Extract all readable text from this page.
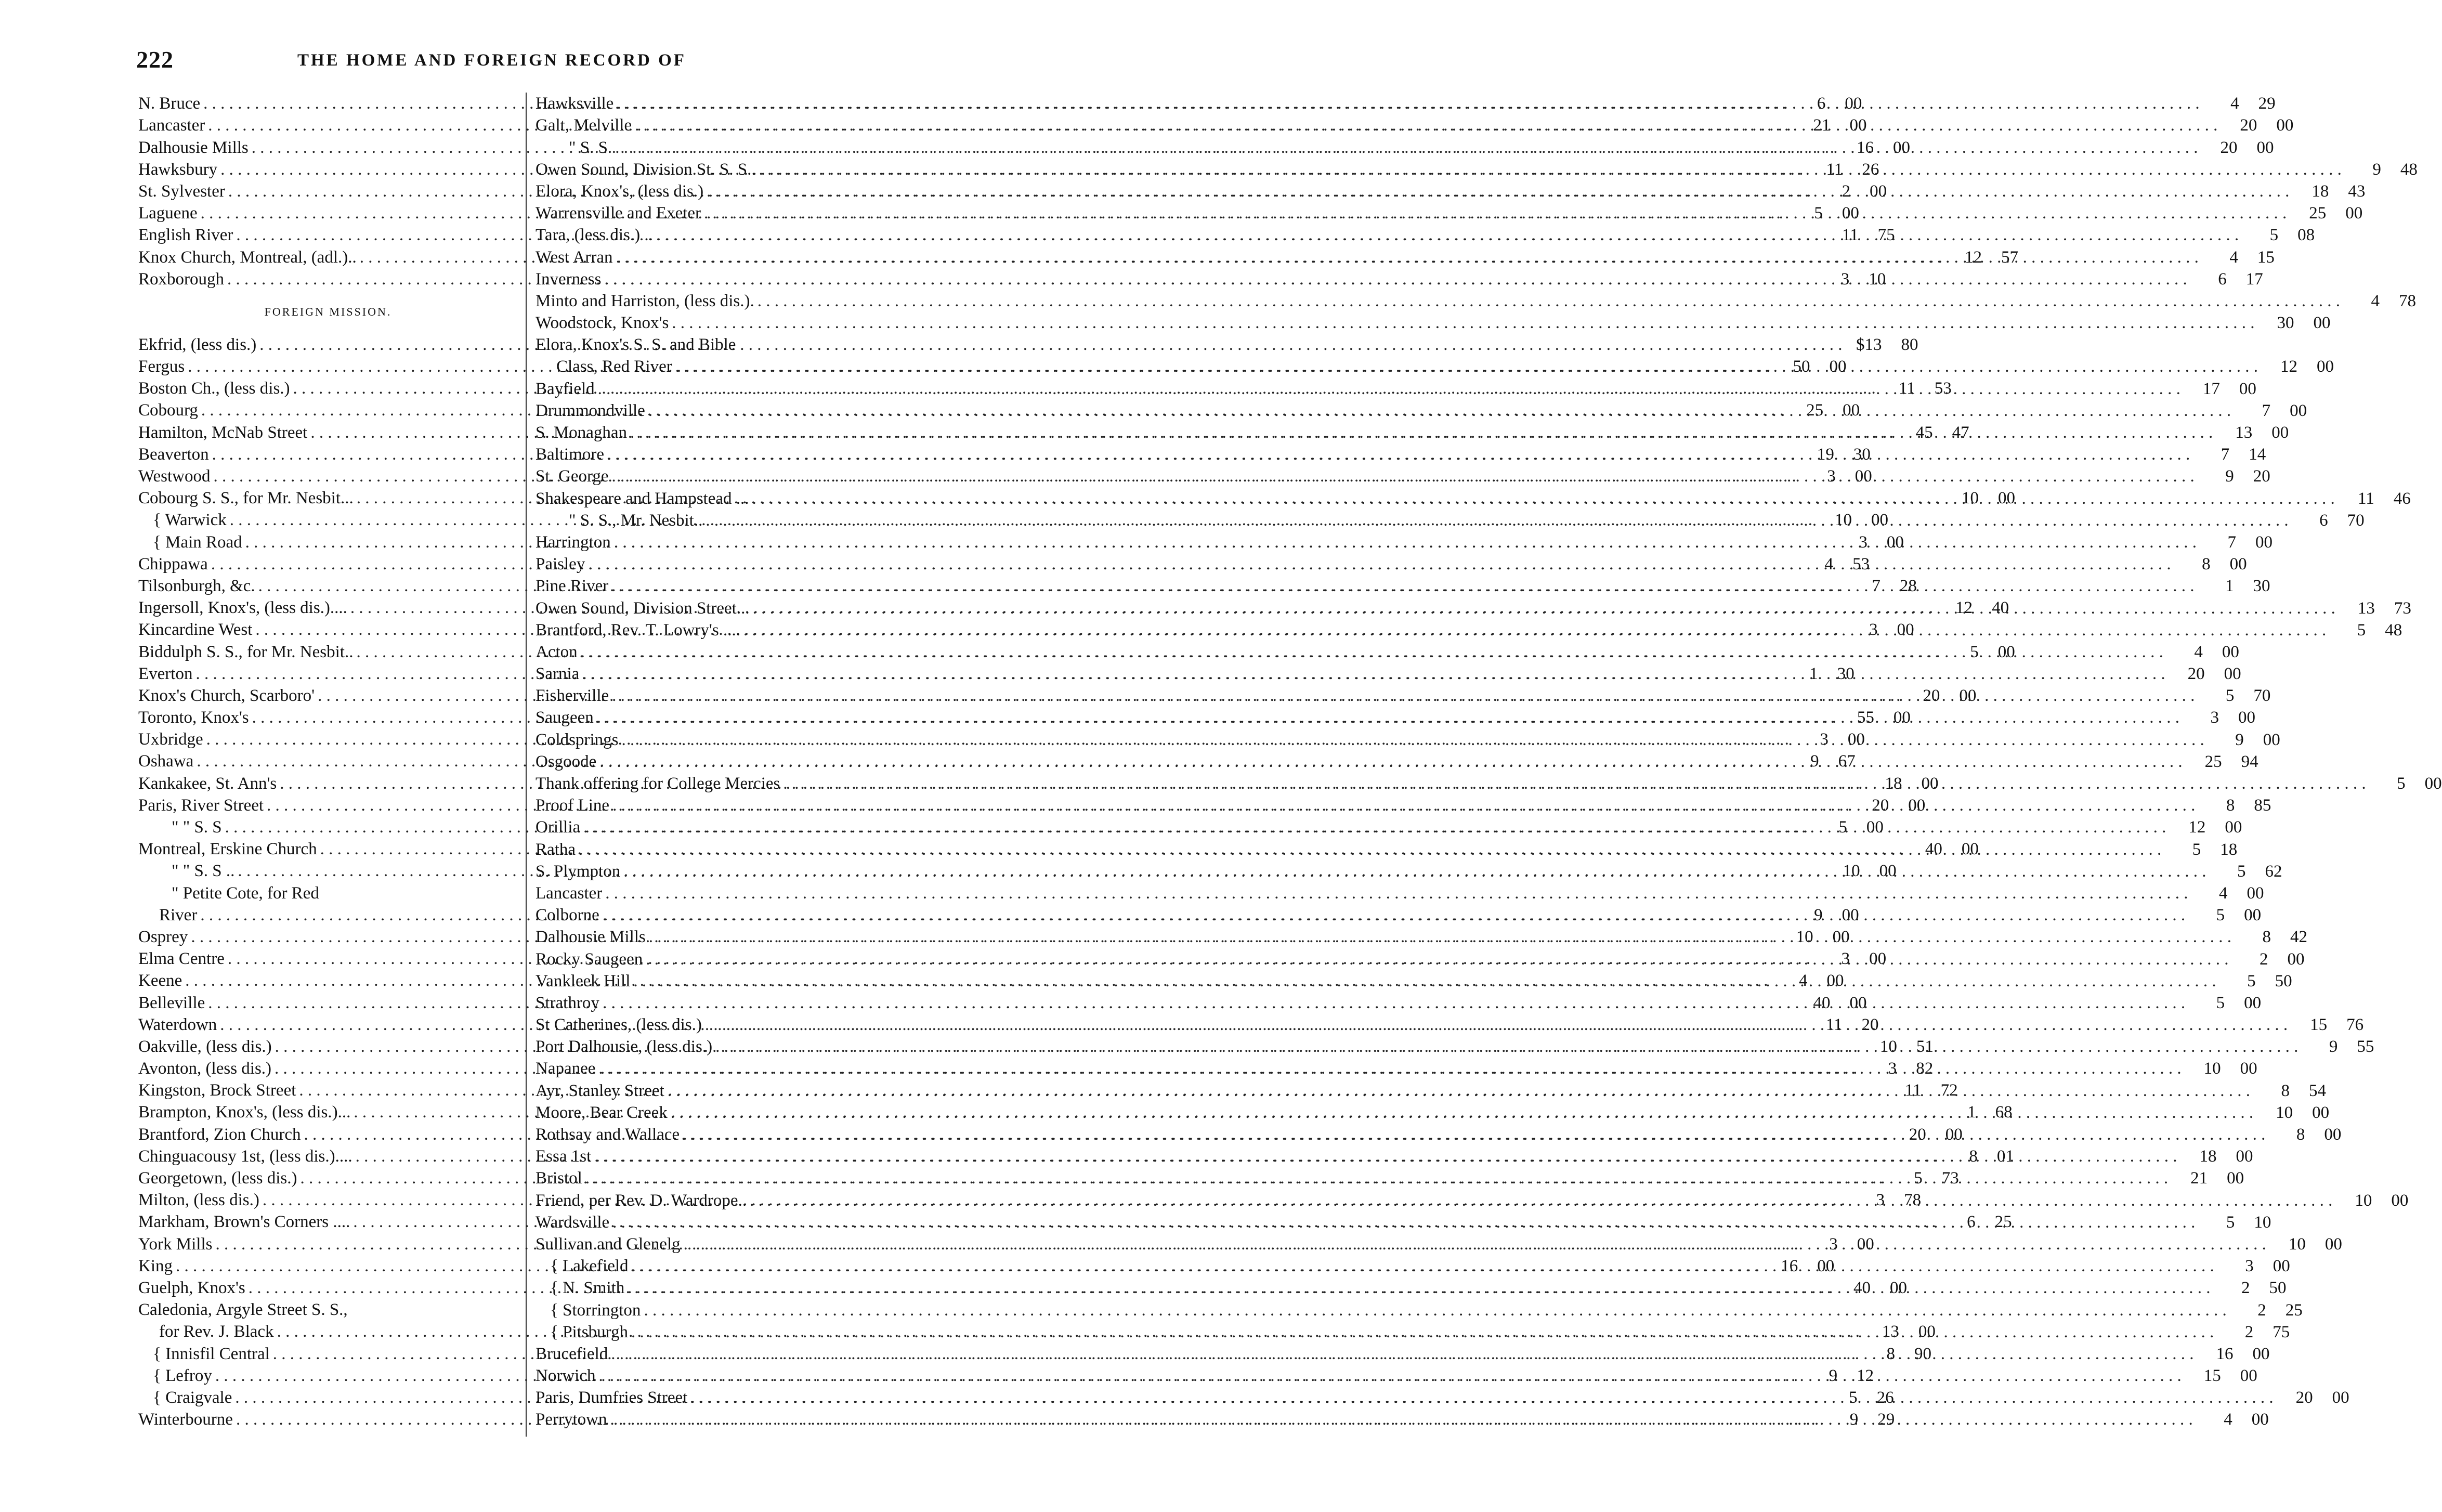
222	THE HOME AND FOREIGN RECORD OF
N. Bruce . . .	6	00
Lancaster . . .	21	00
Dalhousie Mills . . .	16	00
Hawksbury . . .	11	26
St. Sylvester . . .	2	00
Laguene . . .	5	00
English River . . .	11	75
Knox Church, Montreal, (adl.).. . . .	12	57
Roxborough . . .	3	10
FOREIGN MISSION.
Ekfrid, (less dis.) . . .	$13	80
Fergus . . .	50	00
Boston Ch., (less dis.) . . .	11	53
Cobourg . . .	25	00
Hamilton, McNab Street . . .	45	47
Beaverton . . .	19	30
Westwood . . .	3	00
Cobourg S. S., for Mr. Nesbit... . . .	10	00
{ Warwick . . .	10	00
{ Main Road . . .	3	00
Chippawa . . .	4	53
Tilsonburgh, &c. . . .	7	28
Ingersoll, Knox's, (less dis.).... . . .	12	40
Kincardine West . . .	3	00
Biddulph S. S., for Mr. Nesbit.. . . .	5	00
Everton . . .	1	30
Knox's Church, Scarboro' . . .	20	00
Toronto, Knox's . . .	55	00
Uxbridge . . .	3	00
Oshawa . . .	9	67
Kankakee, St. Ann's . . .	18	00
Paris, River Street . . .	20	00
" " S. S . . .	5	00
Montreal, Erskine Church . . .	40	00
" " S. S .. . . .	10	00
" Petite Cote, for Red
River . . .	9	00
Osprey . . .	10	00
Elma Centre . . .	3	00
Keene . . .	4	00
Belleville . . .	40	00
Waterdown . . .	11	20
Oakville, (less dis.) . . .	10	51
Avonton, (less dis.) . . .	3	82
Kingston, Brock Street . . .	11	72
Brampton, Knox's, (less dis.)... . . .	1	68
Brantford, Zion Church . . .	20	00
Chinguacousy 1st, (less dis.).... . . .	8	01
Georgetown, (less dis.) . . .	5	73
Milton, (less dis.) . . .	3	78
Markham, Brown's Corners .... . . .	6	25
York Mills . . .	3	00
King . . .	16	00
Guelph, Knox's . . .	40	00
Caledonia, Argyle Street S. S.,
for Rev. J. Black . . .	13	00
{ Innisfil Central . . .	8	90
{ Lefroy . . .	9	12
{ Craigvale . . .	5	26
Winterbourne . . .	9	29
Hawksville . . .	4	29
Galt, Melville . . .	20	00
" S. S. . . .	20	00
Owen Sound, Division St. S. S.. . . .	9	48
Elora, Knox's, (less dis.) . . .	18	43
Warrensville and Exeter . . .	25	00
Tara, (less dis.) .. . . .	5	08
West Arran . . .	4	15
Inverness . . .	6	17
Minto and Harriston, (less dis.). . . .	4	78
Woodstock, Knox's . . .	30	00
Elora, Knox's S. S. and Bible
Class, Red River . . .	12	00
Bayfield . . .	17	00
Drummondville . . .	7	00
S. Monaghan . . .	13	00
Baltimore . . .	7	14
St. George . . .	9	20
Shakespeare and Hampstead ... . . .	11	46
" S. S., Mr. Nesbit.. . . .	6	70
Harrington . . .	7	00
Paisley . . .	8	00
Pine River . . .	1	30
Owen Sound, Division Street... . . .	13	73
Brantford, Rev. T. Lowry's .... . . .	5	48
Acton . . .	4	00
Sarnia . . .	20	00
Fisherville . . .	5	70
Saugeen . . .	3	00
Coldsprings . . .	9	00
Osgoode . . .	25	94
Thank offering for College Mercies . . .	5	00
Proof Line . . .	8	85
Orillia . . .	12	00
Ratha . . .	5	18
S. Plympton . . .	5	62
Lancaster . . .	4	00
Colborne . . .	5	00
Dalhousie Mills . . .	8	42
Rocky Saugeen . . .	2	00
Vankleek Hill . . .	5	50
Strathroy . . .	5	00
St Catherines, (less dis.) . . .	15	76
Port Dalhousie, (less dis.) . . .	9	55
Napanee . . .	10	00
Ayr, Stanley Street . . .	8	54
Moore, Bear Creek . . .	10	00
Rothsay and Wallace . . .	8	00
Essa 1st . . .	18	00
Bristol . . .	21	00
Friend, per Rev. D. Wardrope.. . . .	10	00
Wardsville . . .	5	10
Sullivan and Glenelg . . .	10	00
{ Lakefield . . .	3	00
{ N. Smith . . .	2	50
{ Storrington . . .	2	25
{ Pitsburgh . . .	2	75
Brucefield . . .	16	00
Norwich . . .	15	00
Paris, Dumfries Street . . .	20	00
Perrytown . . .	4	00
